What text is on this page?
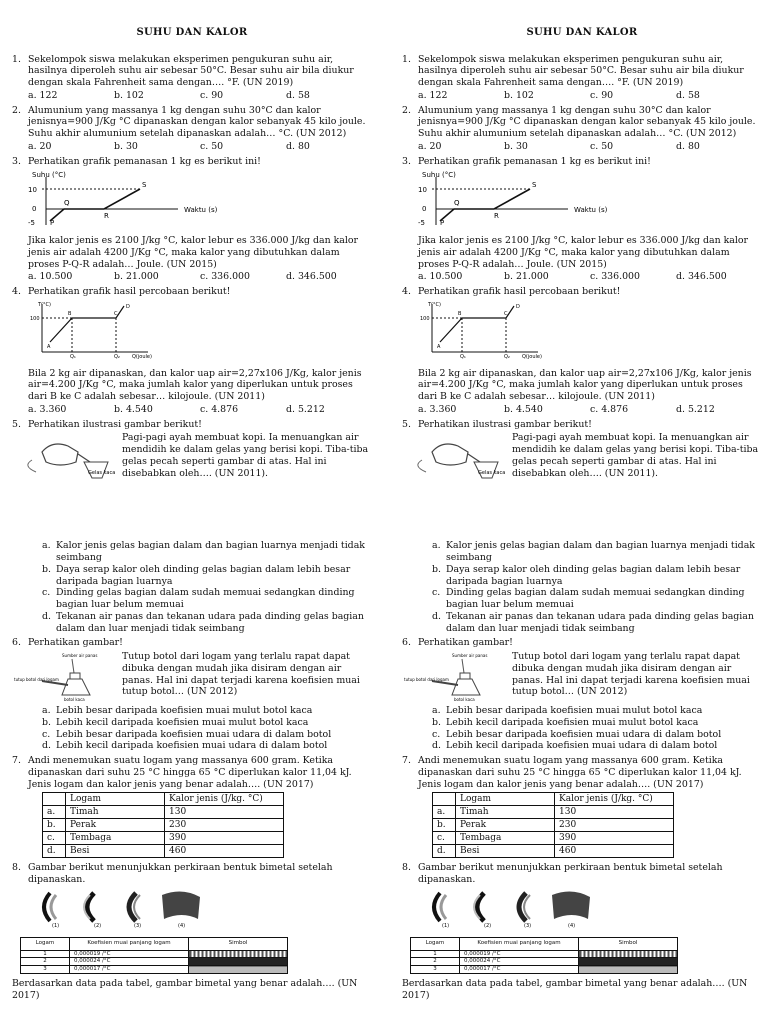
SUHU DAN KALOR
1. Sekelompok siswa melakukan eksperimen pengukuran suhu air, hasilnya diperoleh suhu air sebesar 50°C. Besar suhu air bila diukur dengan skala Fahrenheit sama dengan…. °F. (UN 2019)
a. 122	b. 102	c. 90	d. 58
2. Alumunium yang massanya 1 kg dengan suhu 30°C dan kalor jenisnya=900 J/Kg °C dipanaskan dengan kalor sebanyak 45 kilo joule. Suhu akhir alumunium setelah dipanaskan adalah… °C. (UN 2012)
a. 20	b. 30	c. 50	d. 80
3. Perhatikan grafik pemanasan 1 kg es berikut ini!
Suhu (°C)
10
0
-5 P
Q
R
S
Waktu (s)
Jika kalor jenis es 2100 J/kg °C, kalor lebur es 336.000 J/kg dan kalor jenis air adalah 4200 J/Kg °C, maka kalor yang dibutuhkan dalam proses P-Q-R adalah… Joule. (UN 2015)
a. 10.500	b. 21.000	c. 336.000	d. 346.500
4. Perhatikan grafik hasil percobaan berikut!
T(°C)
100
A
B	C
D
Q₁	Q₂ Q(joule)
Bila 2 kg air dipanaskan, dan kalor uap air=2,27x106 J/Kg, kalor jenis air=4.200 J/Kg °C, maka jumlah kalor yang diperlukan untuk proses dari B ke C adalah sebesar… kilojoule. (UN 2011)
a. 3.360	b. 4.540	c. 4.876	d. 5.212
5. Perhatikan ilustrasi gambar berikut!
Gelas kaca
Pagi-pagi ayah membuat kopi. Ia menuangkan air mendidih ke dalam gelas yang berisi kopi. Tiba-tiba gelas pecah seperti gambar di atas. Hal ini disebabkan oleh…. (UN 2011).
a. Kalor jenis gelas bagian dalam dan bagian luarnya menjadi tidak seimbang
b. Daya serap kalor oleh dinding gelas bagian dalam lebih besar daripada bagian luarnya
c. Dinding gelas bagian dalam sudah memuai sedangkan dinding bagian luar belum memuai
d. Tekanan air panas dan tekanan udara pada dinding gelas bagian dalam dan luar menjadi tidak seimbang
6. Perhatikan gambar!
Sumber air panas
tutup botol dari logam
botol kaca
Tutup botol dari logam yang terlalu rapat dapat dibuka dengan mudah jika disiram dengan air panas. Hal ini dapat terjadi karena koefisien muai tutup botol… (UN 2012)
a. Lebih besar daripada koefisien muai mulut botol kaca
b. Lebih kecil daripada koefisien muai mulut botol kaca
c. Lebih besar daripada koefisien muai udara di dalam botol
d. Lebih kecil daripada koefisien muai udara di dalam botol
7. Andi menemukan suatu logam yang massanya 600 gram. Ketika dipanaskan dari suhu 25 °C hingga 65 °C diperlukan kalor 11,04 kJ. Jenis logam dan kalor jenis yang benar adalah…. (UN 2017)
	Logam	Kalor jenis (J/kg. °C)
a.	Timah	130
b.	Perak	230
c.	Tembaga	390
d.	Besi	460
8. Gambar berikut menunjukkan perkiraan bentuk bimetal setelah dipanaskan.
(1)	(2)	(3)	(4)
Logam	Koefisien muai panjang logam	Simbol
1	0,000019 /°C	
2	0,000024 /°C	
3	0,000017 /°C	
Berdasarkan data pada tabel, gambar bimetal yang benar adalah…. (UN 2017)
SUHU DAN KALOR
1. Sekelompok siswa melakukan eksperimen pengukuran suhu air, hasilnya diperoleh suhu air sebesar 50°C. Besar suhu air bila diukur dengan skala Fahrenheit sama dengan…. °F. (UN 2019)
a. 122	b. 102	c. 90	d. 58
2. Alumunium yang massanya 1 kg dengan suhu 30°C dan kalor jenisnya=900 J/Kg °C dipanaskan dengan kalor sebanyak 45 kilo joule. Suhu akhir alumunium setelah dipanaskan adalah… °C. (UN 2012)
a. 20	b. 30	c. 50	d. 80
3. Perhatikan grafik pemanasan 1 kg es berikut ini!
Suhu (°C)
10
0
-5 P
Q
R
S
Waktu (s)
Jika kalor jenis es 2100 J/kg °C, kalor lebur es 336.000 J/kg dan kalor jenis air adalah 4200 J/Kg °C, maka kalor yang dibutuhkan dalam proses P-Q-R adalah… Joule. (UN 2015)
a. 10.500	b. 21.000	c. 336.000	d. 346.500
4. Perhatikan grafik hasil percobaan berikut!
T(°C)
100
A
B	C
D
Q₁	Q₂ Q(joule)
Bila 2 kg air dipanaskan, dan kalor uap air=2,27x106 J/Kg, kalor jenis air=4.200 J/Kg °C, maka jumlah kalor yang diperlukan untuk proses dari B ke C adalah sebesar… kilojoule. (UN 2011)
a. 3.360	b. 4.540	c. 4.876	d. 5.212
5. Perhatikan ilustrasi gambar berikut!
Gelas kaca
Pagi-pagi ayah membuat kopi. Ia menuangkan air mendidih ke dalam gelas yang berisi kopi. Tiba-tiba gelas pecah seperti gambar di atas. Hal ini disebabkan oleh…. (UN 2011).
a. Kalor jenis gelas bagian dalam dan bagian luarnya menjadi tidak seimbang
b. Daya serap kalor oleh dinding gelas bagian dalam lebih besar daripada bagian luarnya
c. Dinding gelas bagian dalam sudah memuai sedangkan dinding bagian luar belum memuai
d. Tekanan air panas dan tekanan udara pada dinding gelas bagian dalam dan luar menjadi tidak seimbang
6. Perhatikan gambar!
Sumber air panas
tutup botol dari logam
botol kaca
Tutup botol dari logam yang terlalu rapat dapat dibuka dengan mudah jika disiram dengan air panas. Hal ini dapat terjadi karena koefisien muai tutup botol… (UN 2012)
a. Lebih besar daripada koefisien muai mulut botol kaca
b. Lebih kecil daripada koefisien muai mulut botol kaca
c. Lebih besar daripada koefisien muai udara di dalam botol
d. Lebih kecil daripada koefisien muai udara di dalam botol
7. Andi menemukan suatu logam yang massanya 600 gram. Ketika dipanaskan dari suhu 25 °C hingga 65 °C diperlukan kalor 11,04 kJ. Jenis logam dan kalor jenis yang benar adalah…. (UN 2017)
	Logam	Kalor jenis (J/kg. °C)
a.	Timah	130
b.	Perak	230
c.	Tembaga	390
d.	Besi	460
8. Gambar berikut menunjukkan perkiraan bentuk bimetal setelah dipanaskan.
(1)	(2)	(3)	(4)
Logam	Koefisien muai panjang logam	Simbol
1	0,000019 /°C	
2	0,000024 /°C	
3	0,000017 /°C	
Berdasarkan data pada tabel, gambar bimetal yang benar adalah…. (UN 2017)
